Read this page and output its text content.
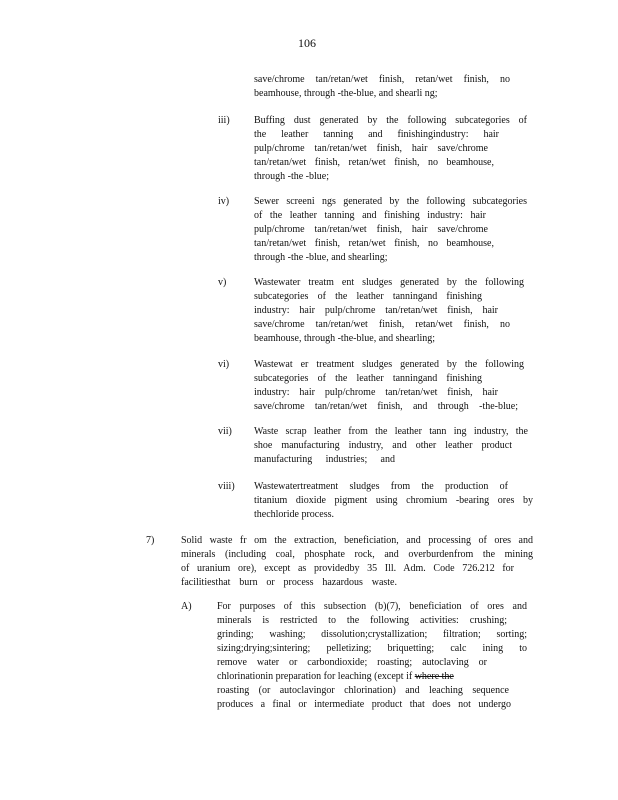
106
save/chrome tan/retan/wet finish, retan/wet finish, no
beamhouse, through -the-blue, and shearli ng;
iii) Buffing dust generated by the following subcategories of
the leather tanning and finishingindustry: hair
pulp/chrome tan/retan/wet finish, hair save/chrome
tan/retan/wet finish, retan/wet finish, no beamhouse,
through -the -blue;
iv) Sewer screeni ngs generated by the following subcategories
of the leather tanning and finishing industry: hair
pulp/chrome tan/retan/wet finish, hair save/chrome
tan/retan/wet finish, retan/wet finish, no beamhouse,
through -the -blue, and shearling;
v)	Wastewater treatm ent sludges generated by the following
subcategories of the leather tanningand finishing
industry: hair pulp/chrome tan/retan/wet finish, hair
save/chrome tan/retan/wet finish, retan/wet finish, no
beamhouse, through -the-blue, and shearling;
vi) Wastewat er treatment sludges generated by the following
subcategories of the leather tanningand finishing
industry: hair pulp/chrome tan/retan/wet finish, hair
save/chrome tan/retan/wet finish, and through -the-blue;
vii) Waste scrap leather from the leather tann ing industry, the
shoe manufacturing industry, and other leather product
manufacturing industries; and
viii) Wastewatertreatment sludges from the production of
titanium dioxide pigment using chromium -bearing ores by
thechloride process.
7)	Solid waste fr om the extraction, beneficiation, and processing of ores and
minerals (including coal, phosphate rock, and overburdenfrom the mining
of uranium ore), except as providedby 35 Ill. Adm. Code 726.212 for
facilitiesthat burn or process hazardous waste.
A)	For purposes of this subsection (b)(7), beneficiation of ores and
minerals is restricted to the following activities: crushing;
grinding; washing; dissolution;crystallization; filtration; sorting;
sizing;drying;sintering; pelletizing; briquetting; calc ining to
remove water or carbondioxide; roasting; autoclaving or
chlorinationin preparation for leaching (except if where the
roasting (or autoclavingor chlorination) and leaching sequence
produces a final or intermediate product that does not undergo
